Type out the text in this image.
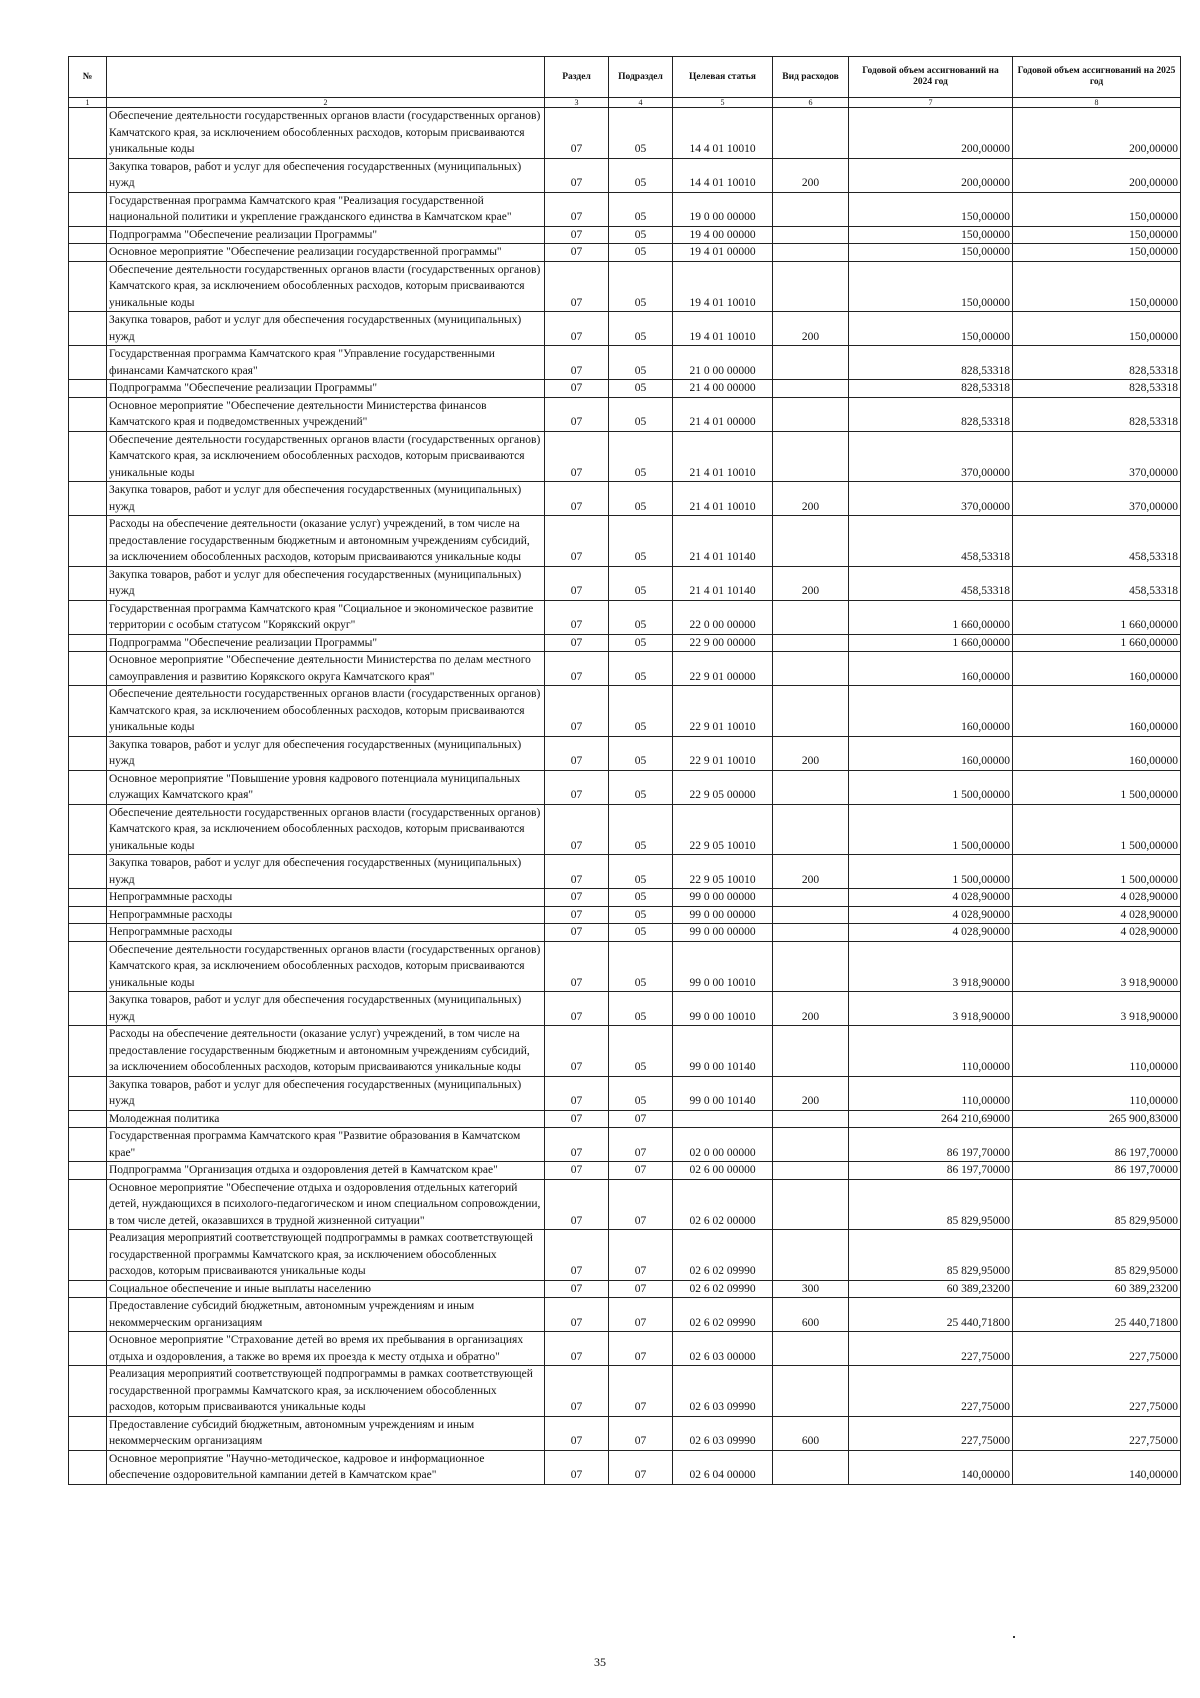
№		Раздел	Подраздел	Целевая статья	Вид расходов	Годовой объем ассигнований на 2024 год	Годовой объем ассигнований на 2025 год
1	2	3	4	5	6	7	8
	Обеспечение деятельности государственных органов власти (государственных органов) Камчатского края, за исключением обособленных расходов, которым присваиваются уникальные коды	07	05	14 4 01 10010		200,00000	200,00000
	Закупка товаров, работ и услуг для обеспечения государственных (муниципальных) нужд	07	05	14 4 01 10010	200	200,00000	200,00000
	Государственная программа Камчатского края "Реализация государственной национальной политики и укрепление гражданского единства в Камчатском крае"	07	05	19 0 00 00000		150,00000	150,00000
	Подпрограмма "Обеспечение реализации Программы"	07	05	19 4 00 00000		150,00000	150,00000
	Основное мероприятие "Обеспечение реализации государственной программы"	07	05	19 4 01 00000		150,00000	150,00000
	Обеспечение деятельности государственных органов власти (государственных органов) Камчатского края, за исключением обособленных расходов, которым присваиваются уникальные коды	07	05	19 4 01 10010		150,00000	150,00000
	Закупка товаров, работ и услуг для обеспечения государственных (муниципальных) нужд	07	05	19 4 01 10010	200	150,00000	150,00000
	Государственная программа Камчатского края "Управление государственными финансами Камчатского края"	07	05	21 0 00 00000		828,53318	828,53318
	Подпрограмма "Обеспечение реализации Программы"	07	05	21 4 00 00000		828,53318	828,53318
	Основное мероприятие "Обеспечение деятельности Министерства финансов Камчатского края и подведомственных учреждений"	07	05	21 4 01 00000		828,53318	828,53318
	Обеспечение деятельности государственных органов власти (государственных органов) Камчатского края, за исключением обособленных расходов, которым присваиваются уникальные коды	07	05	21 4 01 10010		370,00000	370,00000
	Закупка товаров, работ и услуг для обеспечения государственных (муниципальных) нужд	07	05	21 4 01 10010	200	370,00000	370,00000
	Расходы на обеспечение деятельности (оказание услуг) учреждений, в том числе на предоставление государственным бюджетным и автономным учреждениям субсидий, за исключением обособленных расходов, которым присваиваются уникальные коды	07	05	21 4 01 10140		458,53318	458,53318
	Закупка товаров, работ и услуг для обеспечения государственных (муниципальных) нужд	07	05	21 4 01 10140	200	458,53318	458,53318
	Государственная программа Камчатского края "Социальное и экономическое развитие территории с особым статусом "Корякский округ"	07	05	22 0 00 00000		1 660,00000	1 660,00000
	Подпрограмма "Обеспечение реализации Программы"	07	05	22 9 00 00000		1 660,00000	1 660,00000
	Основное мероприятие "Обеспечение деятельности Министерства по делам местного самоуправления и развитию Корякского округа Камчатского края"	07	05	22 9 01 00000		160,00000	160,00000
	Обеспечение деятельности государственных органов власти (государственных органов) Камчатского края, за исключением обособленных расходов, которым присваиваются уникальные коды	07	05	22 9 01 10010		160,00000	160,00000
	Закупка товаров, работ и услуг для обеспечения государственных (муниципальных) нужд	07	05	22 9 01 10010	200	160,00000	160,00000
	Основное мероприятие "Повышение уровня кадрового потенциала муниципальных служащих Камчатского края"	07	05	22 9 05 00000		1 500,00000	1 500,00000
	Обеспечение деятельности государственных органов власти (государственных органов) Камчатского края, за исключением обособленных расходов, которым присваиваются уникальные коды	07	05	22 9 05 10010		1 500,00000	1 500,00000
	Закупка товаров, работ и услуг для обеспечения государственных (муниципальных) нужд	07	05	22 9 05 10010	200	1 500,00000	1 500,00000
	Непрограммные расходы	07	05	99 0 00 00000		4 028,90000	4 028,90000
	Непрограммные расходы	07	05	99 0 00 00000		4 028,90000	4 028,90000
	Непрограммные расходы	07	05	99 0 00 00000		4 028,90000	4 028,90000
	Обеспечение деятельности государственных органов власти (государственных органов) Камчатского края, за исключением обособленных расходов, которым присваиваются уникальные коды	07	05	99 0 00 10010		3 918,90000	3 918,90000
	Закупка товаров, работ и услуг для обеспечения государственных (муниципальных) нужд	07	05	99 0 00 10010	200	3 918,90000	3 918,90000
	Расходы на обеспечение деятельности (оказание услуг) учреждений, в том числе на предоставление государственным бюджетным и автономным учреждениям субсидий, за исключением обособленных расходов, которым присваиваются уникальные коды	07	05	99 0 00 10140		110,00000	110,00000
	Закупка товаров, работ и услуг для обеспечения государственных (муниципальных) нужд	07	05	99 0 00 10140	200	110,00000	110,00000
	Молодежная политика	07	07			264 210,69000	265 900,83000
	Государственная программа Камчатского края "Развитие образования в Камчатском крае"	07	07	02 0 00 00000		86 197,70000	86 197,70000
	Подпрограмма "Организация отдыха и оздоровления детей в Камчатском крае"	07	07	02 6 00 00000		86 197,70000	86 197,70000
	Основное мероприятие "Обеспечение отдыха и оздоровления отдельных категорий детей, нуждающихся в психолого-педагогическом и ином специальном сопровождении, в том числе детей, оказавшихся в трудной жизненной ситуации"	07	07	02 6 02 00000		85 829,95000	85 829,95000
	Реализация мероприятий соответствующей подпрограммы в рамках соответствующей государственной программы Камчатского края, за исключением обособленных расходов, которым присваиваются уникальные коды	07	07	02 6 02 09990		85 829,95000	85 829,95000
	Социальное обеспечение и иные выплаты населению	07	07	02 6 02 09990	300	60 389,23200	60 389,23200
	Предоставление субсидий бюджетным, автономным учреждениям и иным некоммерческим организациям	07	07	02 6 02 09990	600	25 440,71800	25 440,71800
	Основное мероприятие "Страхование детей во время их пребывания в организациях отдыха и оздоровления, а также во время их проезда к месту отдыха и обратно"	07	07	02 6 03 00000		227,75000	227,75000
	Реализация мероприятий соответствующей подпрограммы в рамках соответствующей государственной программы Камчатского края, за исключением обособленных расходов, которым присваиваются уникальные коды	07	07	02 6 03 09990		227,75000	227,75000
	Предоставление субсидий бюджетным, автономным учреждениям и иным некоммерческим организациям	07	07	02 6 03 09990	600	227,75000	227,75000
	Основное мероприятие "Научно-методическое, кадровое и информационное обеспечение оздоровительной кампании детей в Камчатском крае"	07	07	02 6 04 00000		140,00000	140,00000
35
